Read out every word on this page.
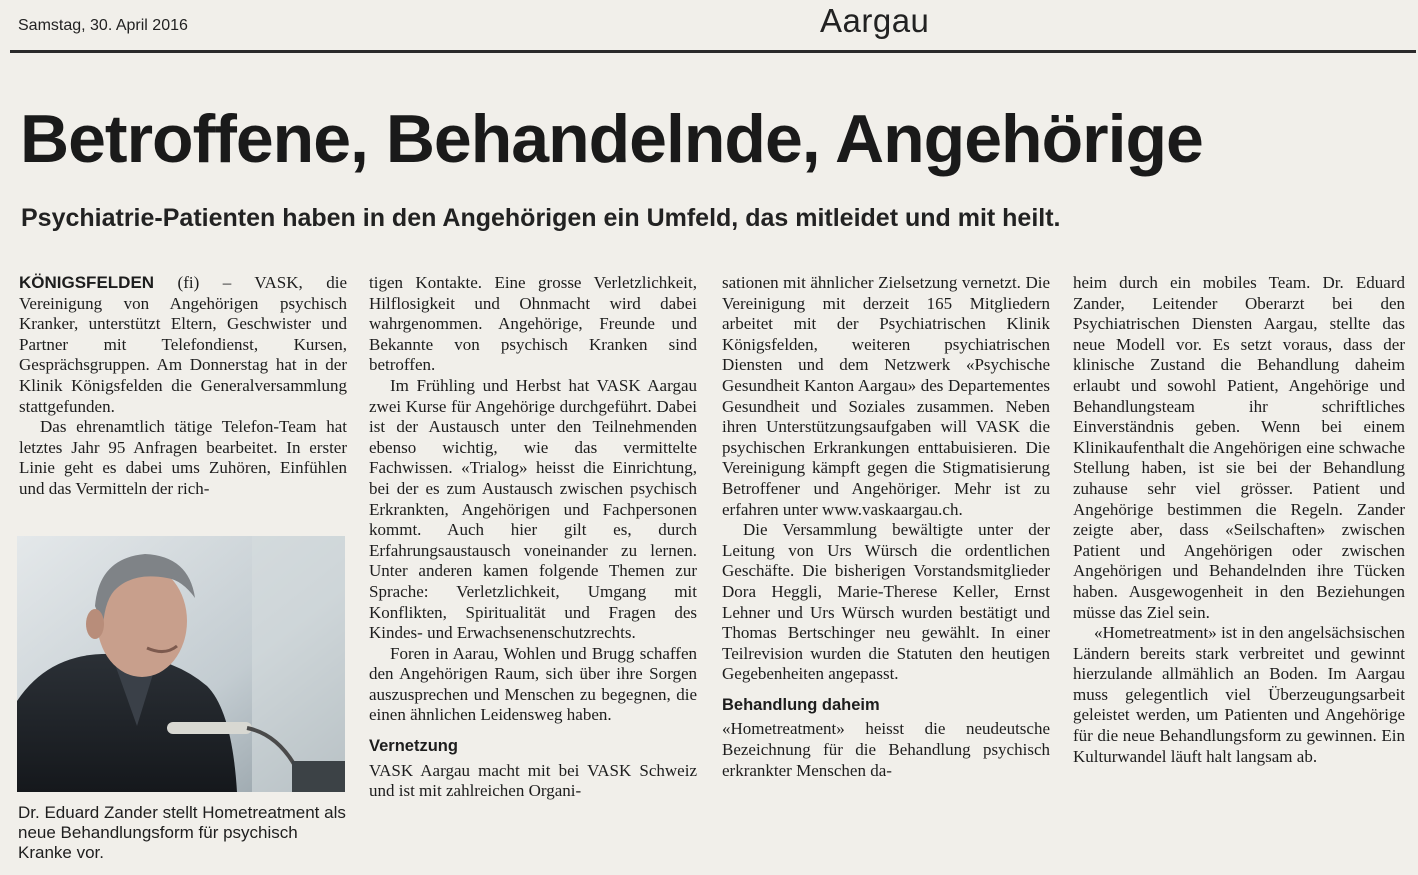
Samstag, 30. April 2016	Aargau
Betroffene, Behandelnde, Angehörige
Psychiatrie-Patienten haben in den Angehörigen ein Umfeld, das mitleidet und mit heilt.

KÖNIGSFELDEN (fi) – VASK, die Vereinigung von Angehörigen psychisch Kranker, unterstützt Eltern, Geschwister und Partner mit Telefondienst, Kursen, Gesprächsgruppen. Am Donnerstag hat in der Klinik Königsfelden die Generalversammlung stattgefunden.

Das ehrenamtlich tätige Telefon-Team hat letztes Jahr 95 Anfragen bearbeitet. In erster Linie geht es dabei ums Zuhören, Einfühlen und das Vermitteln der rich-

Dr. Eduard Zander stellt Hometreatment als neue Behandlungsform für psychisch Kranke vor.

tigen Kontakte. Eine grosse Verletzlichkeit, Hilflosigkeit und Ohnmacht wird dabei wahrgenommen. Angehörige, Freunde und Bekannte von psychisch Kranken sind betroffen.

Im Frühling und Herbst hat VASK Aargau zwei Kurse für Angehörige durchgeführt. Dabei ist der Austausch unter den Teilnehmenden ebenso wichtig, wie das vermittelte Fachwissen. «Trialog» heisst die Einrichtung, bei der es zum Austausch zwischen psychisch Erkrankten, Angehörigen und Fachpersonen kommt. Auch hier gilt es, durch Erfahrungsaustausch voneinander zu lernen. Unter anderen kamen folgende Themen zur Sprache: Verletzlichkeit, Umgang mit Konflikten, Spiritualität und Fragen des Kindes- und Erwachsenenschutzrechts.

Foren in Aarau, Wohlen und Brugg schaffen den Angehörigen Raum, sich über ihre Sorgen auszusprechen und Menschen zu begegnen, die einen ähnlichen Leidensweg haben.

Vernetzung

VASK Aargau macht mit bei VASK Schweiz und ist mit zahlreichen Organi-

sationen mit ähnlicher Zielsetzung vernetzt. Die Vereinigung mit derzeit 165 Mitgliedern arbeitet mit der Psychiatrischen Klinik Königsfelden, weiteren psychiatrischen Diensten und dem Netzwerk «Psychische Gesundheit Kanton Aargau» des Departementes Gesundheit und Soziales zusammen. Neben ihren Unterstützungsaufgaben will VASK die psychischen Erkrankungen enttabuisieren. Die Vereinigung kämpft gegen die Stigmatisierung Betroffener und Angehöriger. Mehr ist zu erfahren unter www.vaskaargau.ch.

Die Versammlung bewältigte unter der Leitung von Urs Würsch die ordentlichen Geschäfte. Die bisherigen Vorstandsmitglieder Dora Heggli, Marie-Therese Keller, Ernst Lehner und Urs Würsch wurden bestätigt und Thomas Bertschinger neu gewählt. In einer Teilrevision wurden die Statuten den heutigen Gegebenheiten angepasst.

Behandlung daheim

«Hometreatment» heisst die neudeutsche Bezeichnung für die Behandlung psychisch erkrankter Menschen da-

heim durch ein mobiles Team. Dr. Eduard Zander, Leitender Oberarzt bei den Psychiatrischen Diensten Aargau, stellte das neue Modell vor. Es setzt voraus, dass der klinische Zustand die Behandlung daheim erlaubt und sowohl Patient, Angehörige und Behandlungsteam ihr schriftliches Einverständnis geben. Wenn bei einem Klinikaufenthalt die Angehörigen eine schwache Stellung haben, ist sie bei der Behandlung zuhause sehr viel grösser. Patient und Angehörige bestimmen die Regeln. Zander zeigte aber, dass «Seilschaften» zwischen Patient und Angehörigen oder zwischen Angehörigen und Behandelnden ihre Tücken haben. Ausgewogenheit in den Beziehungen müsse das Ziel sein.

«Hometreatment» ist in den angelsächsischen Ländern bereits stark verbreitet und gewinnt hierzulande allmählich an Boden. Im Aargau muss gelegentlich viel Überzeugungsarbeit geleistet werden, um Patienten und Angehörige für die neue Behandlungsform zu gewinnen. Ein Kulturwandel läuft halt langsam ab.
